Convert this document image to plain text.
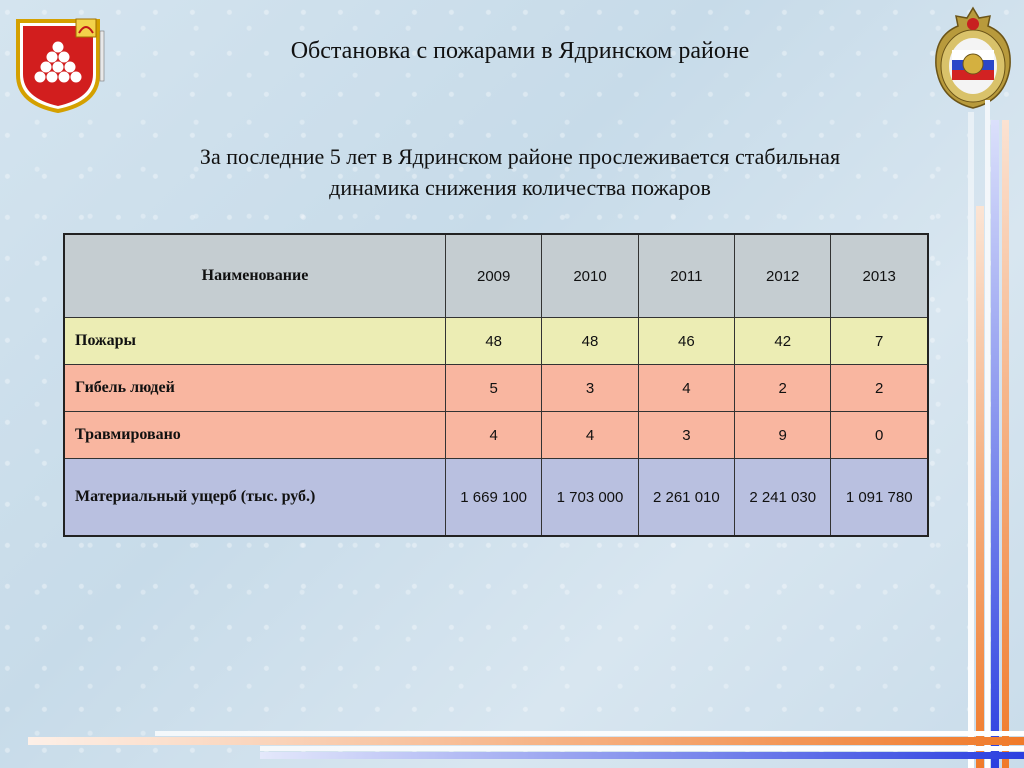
Обстановка с пожарами в Ядринском районе
За последние 5 лет в Ядринском районе прослеживается стабильная
динамика снижения количества пожаров
Наименование	2009	2010	2011	2012	2013
Пожары	48	48	46	42	7
Гибель людей	5	3	4	2	2
Травмировано	4	4	3	9	0
Материальный ущерб (тыс. руб.)	1 669 100	1 703 000	2 261 010	2 241 030	1 091 780
